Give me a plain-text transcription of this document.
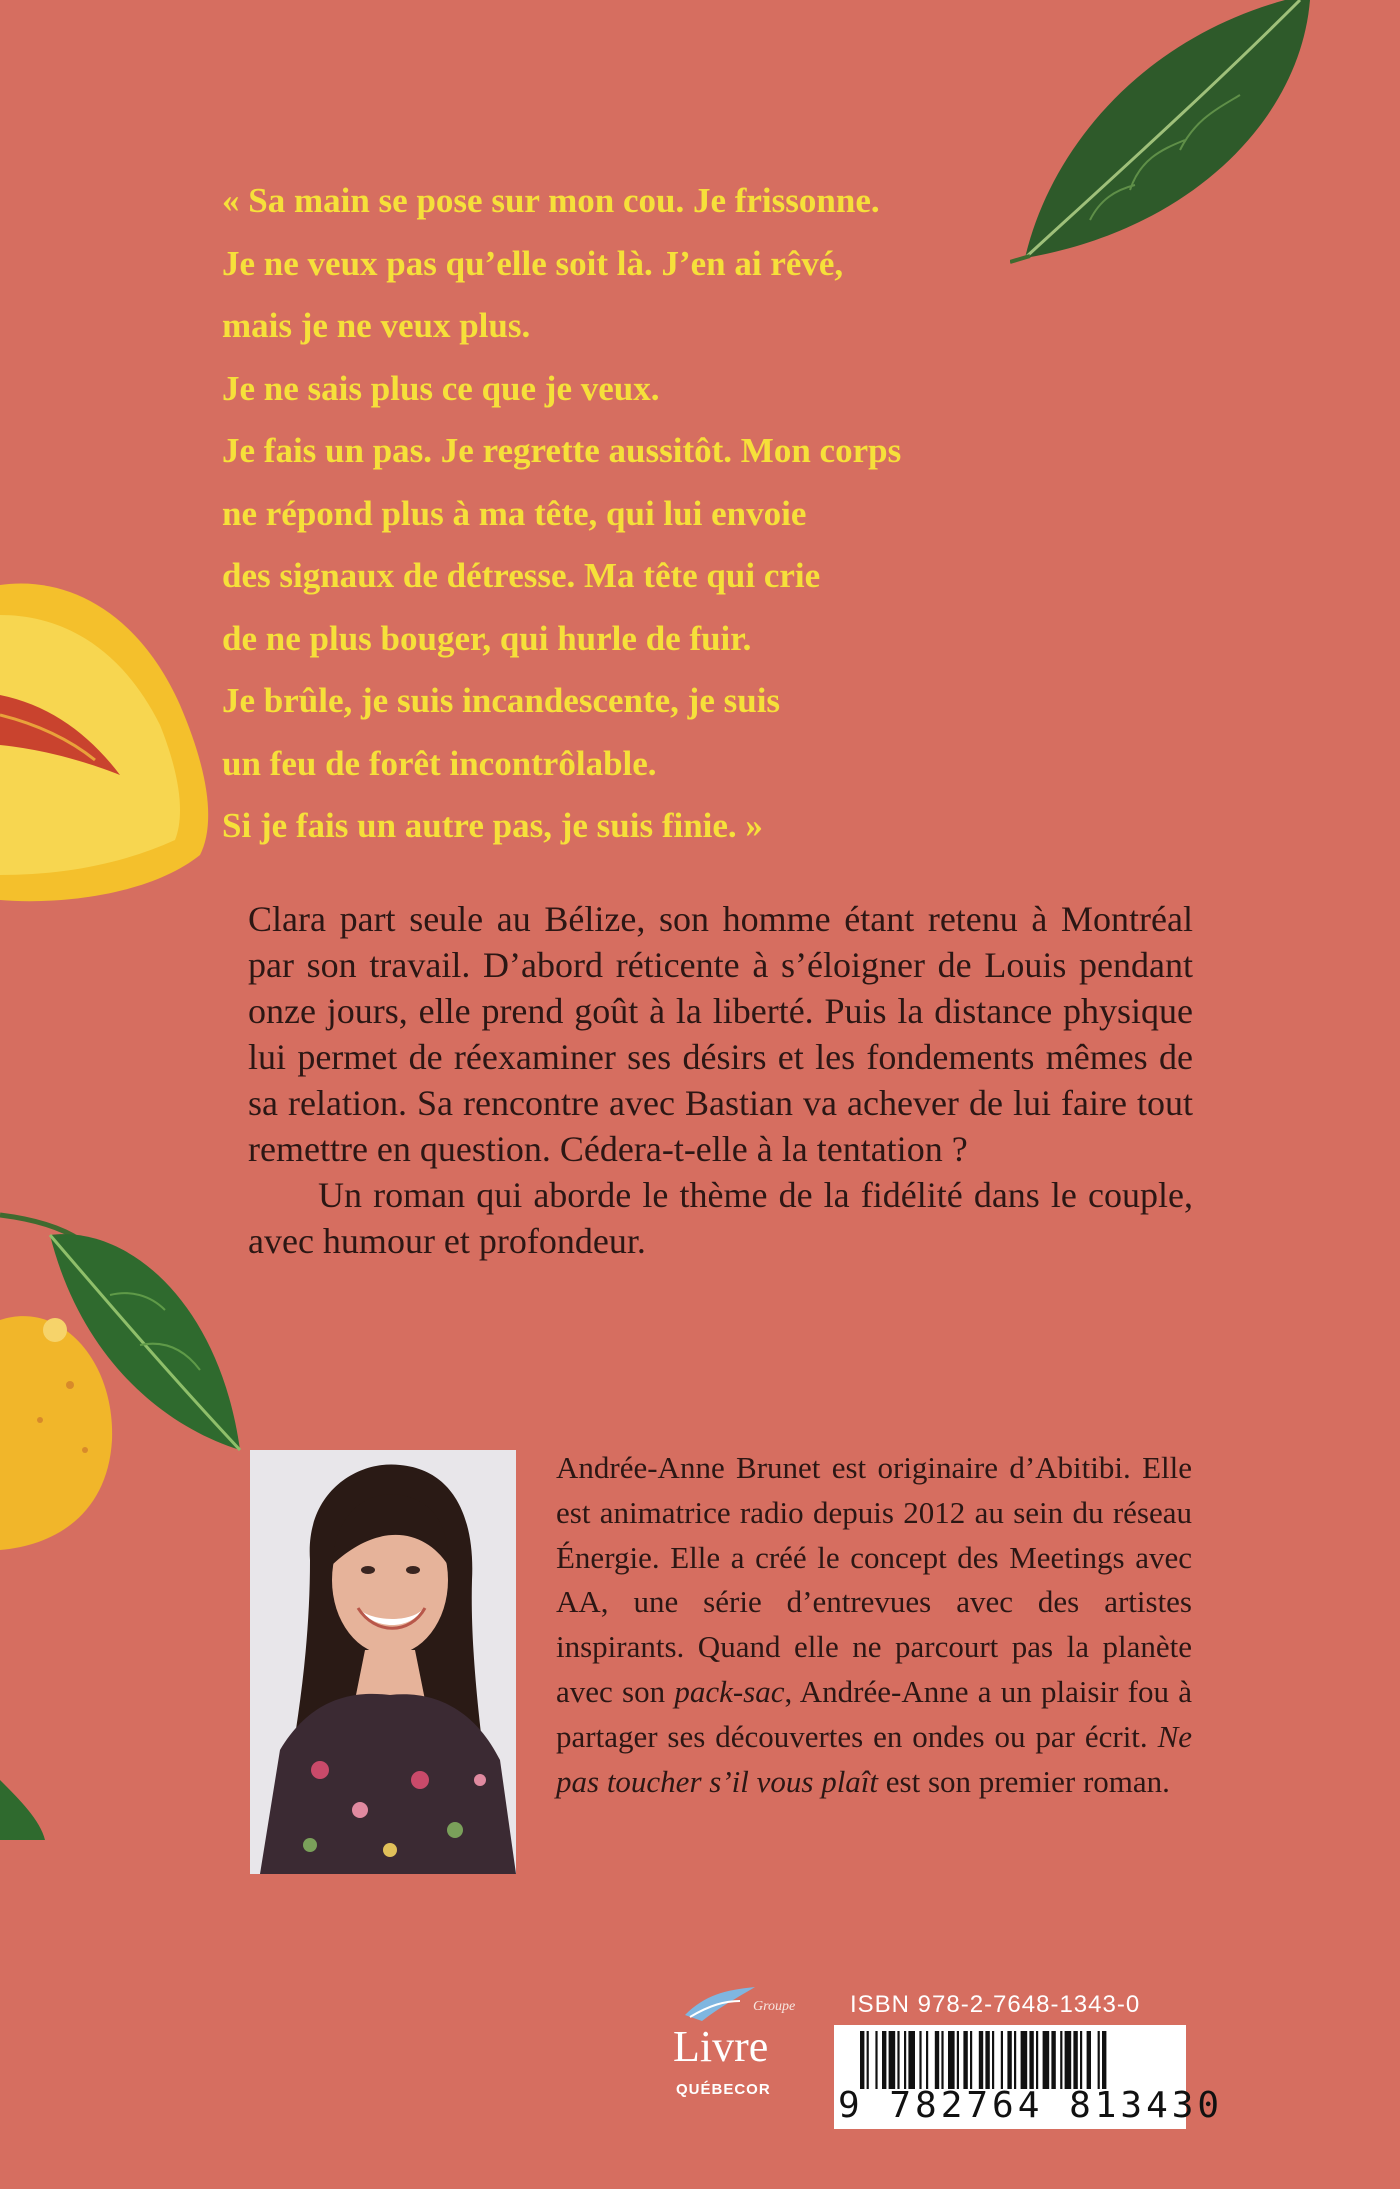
« Sa main se pose sur mon cou. Je frissonne.
Je ne veux pas qu’elle soit là. J’en ai rêvé,
mais je ne veux plus.
Je ne sais plus ce que je veux.
Je fais un pas. Je regrette aussitôt. Mon corps
ne répond plus à ma tête, qui lui envoie
des signaux de détresse. Ma tête qui crie
de ne plus bouger, qui hurle de fuir.
Je brûle, je suis incandescente, je suis
un feu de forêt incontrôlable.
Si je fais un autre pas, je suis finie. »

Clara part seule au Bélize, son homme étant retenu à Montréal par son travail. D’abord réticente à s’éloigner de Louis pendant onze jours, elle prend goût à la liberté. Puis la distance physique lui permet de réexaminer ses désirs et les fondements mêmes de sa relation. Sa rencontre avec Bastian va achever de lui faire tout remettre en question. Cédera-t-elle à la tentation ?

Un roman qui aborde le thème de la fidélité dans le couple, avec humour et profondeur.

Andrée-Anne Brunet est originaire d’Abitibi. Elle est animatrice radio depuis 2012 au sein du réseau Énergie. Elle a créé le concept des Meetings avec AA, une série d’entrevues avec des artistes inspirants. Quand elle ne parcourt pas la planète avec son pack-sac, Andrée-Anne a un plaisir fou à partager ses découvertes en ondes ou par écrit. Ne pas toucher s’il vous plaît est son premier roman.
Groupe
Livre
QUÉBECOR
ISBN 978-2-7648-1343-0
9 782764 813430
